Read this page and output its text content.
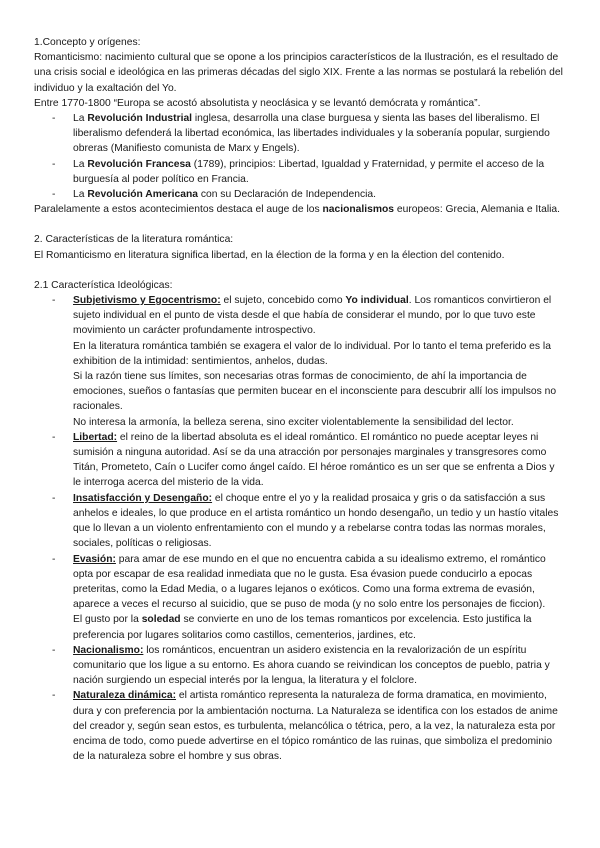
1.Concepto y orígenes:

Romanticismo: nacimiento cultural que se opone a los principios característicos de la Ilustración, es el resultado de una crisis social e ideológica en las primeras décadas del siglo XIX. Frente a las normas se postulará la rebelión del individuo y la exaltación del Yo.

Entre 1770-1800 “Europa se acostó absolutista y neoclásica y se levantó demócrata y romántica”.

- La Revolución Industrial inglesa, desarrolla una clase burguesa y sienta las bases del liberalismo. El liberalismo defenderá la libertad económica, las libertades individuales y la soberanía popular, surgiendo obreras (Manifiesto comunista de Marx y Engels).
- La Revolución Francesa (1789), principios: Libertad, Igualdad y Fraternidad, y permite el acceso de la burguesía al poder político en Francia.
- La Revolución Americana con su Declaración de Independencia.

Paralelamente a estos acontecimientos destaca el auge de los nacionalismos europeos: Grecia, Alemania e Italia.

2. Características de la literatura romántica:

El Romanticismo en literatura significa libertad, en la élection de la forma y en la élection del contenido.

2.1 Característica Ideológicas:

- Subjetivismo y Egocentrismo: el sujeto, concebido como Yo individual. Los romanticos convirtieron el sujeto individual en el punto de vista desde el que había de considerar el mundo, por lo que tuvo este movimiento un carácter profundamente introspectivo.
En la literatura romántica también se exagera el valor de lo individual. Por lo tanto el tema preferido es la exhibition de la intimidad: sentimientos, anhelos, dudas.
Si la razón tiene sus límites, son necesarias otras formas de conocimiento, de ahí la importancia de emociones, sueños o fantasías que permiten bucear en el inconsciente para descubrir allí los impulsos no racionales.
No interesa la armonía, la belleza serena, sino exciter violentablemente la sensibilidad del lector.
- Libertad: el reino de la libertad absoluta es el ideal romántico. El romántico no puede aceptar leyes ni sumisión a ninguna autoridad. Así se da una atracción por personajes marginales y transgresores como Titán, Prometeto, Caín o Lucifer como ángel caído. El héroe romántico es un ser que se enfrenta a Dios y le interroga acerca del misterio de la vida.
- Insatisfacción y Desengaño: el choque entre el yo y la realidad prosaica y gris o da satisfacción a sus anhelos e ideales, lo que produce en el artista romántico un hondo desengaño, un tedio y un hastío vitales que lo llevan a un violento enfrentamiento con el mundo y a rebelarse contra todas las normas morales, sociales, políticas o religiosas.
- Evasión: para amar de ese mundo en el que no encuentra cabida a su idealismo extremo, el romántico opta por escapar de esa realidad inmediata que no le gusta. Esa évasion puede conducirlo a epocas preteritas, como la Edad Media, o a lugares lejanos o exóticos. Como una forma extrema de evasión, aparece a veces el recurso al suicidio, que se puso de moda (y no solo entre los personajes de ficcion).
El gusto por la soledad se convierte en uno de los temas romanticos por excelencia. Esto justifica la preferencia por lugares solitarios como castillos, cementerios, jardines, etc.
- Nacionalismo: los románticos, encuentran un asidero existencia en la revalorización de un espíritu comunitario que los ligue a su entorno. Es ahora cuando se reivindican los conceptos de pueblo, patria y nación surgiendo un especial interés por la lengua, la literatura y el folclore.
- Naturaleza dinámica: el artista romántico representa la naturaleza de forma dramatica, en movimiento, dura y con preferencia por la ambientación nocturna. La Naturaleza se identifica con los estados de anime del creador y, según sean estos, es turbulenta, melancólica o tétrica, pero, a la vez, la naturaleza esta por encima de todo, como puede advertirse en el tópico romántico de las ruinas, que simboliza el predominio de la naturaleza sobre el hombre y sus obras.
